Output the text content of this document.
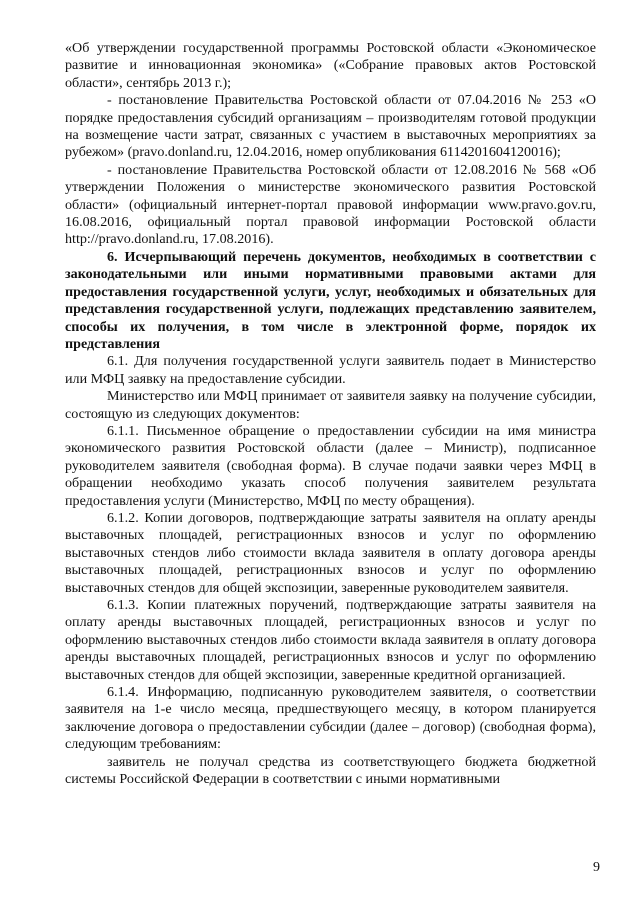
«Об утверждении государственной программы Ростовской области «Экономическое развитие и инновационная экономика» («Собрание правовых актов Ростовской области», сентябрь 2013 г.);

- постановление Правительства Ростовской области от 07.04.2016 № 253 «О порядке предоставления субсидий организациям – производителям готовой продукции на возмещение части затрат, связанных с участием в выставочных мероприятиях за рубежом» (pravo.donland.ru, 12.04.2016, номер опубликования 6114201604120016);

- постановление Правительства Ростовской области от 12.08.2016 № 568 «Об утверждении Положения о министерстве экономического развития Ростовской области» (официальный интернет-портал правовой информации www.pravo.gov.ru, 16.08.2016, официальный портал правовой информации Ростовской области http://pravo.donland.ru, 17.08.2016).

6. Исчерпывающий перечень документов, необходимых в соответствии с законодательными или иными нормативными правовыми актами для предоставления государственной услуги, услуг, необходимых и обязательных для представления государственной услуги, подлежащих представлению заявителем, способы их получения, в том числе в электронной форме, порядок их представления

6.1. Для получения государственной услуги заявитель подает в Министерство или МФЦ заявку на предоставление субсидии.

Министерство или МФЦ принимает от заявителя заявку на получение субсидии, состоящую из следующих документов:

6.1.1. Письменное обращение о предоставлении субсидии на имя министра экономического развития Ростовской области (далее – Министр), подписанное руководителем заявителя (свободная форма). В случае подачи заявки через МФЦ в обращении необходимо указать способ получения заявителем результата предоставления услуги (Министерство, МФЦ по месту обращения).

6.1.2. Копии договоров, подтверждающие затраты заявителя на оплату аренды выставочных площадей, регистрационных взносов и услуг по оформлению выставочных стендов либо стоимости вклада заявителя в оплату договора аренды выставочных площадей, регистрационных взносов и услуг по оформлению выставочных стендов для общей экспозиции, заверенные руководителем заявителя.

6.1.3. Копии платежных поручений, подтверждающие затраты заявителя на оплату аренды выставочных площадей, регистрационных взносов и услуг по оформлению выставочных стендов либо стоимости вклада заявителя в оплату договора аренды выставочных площадей, регистрационных взносов и услуг по оформлению выставочных стендов для общей экспозиции, заверенные кредитной организацией.

6.1.4. Информацию, подписанную руководителем заявителя, о соответствии заявителя на 1-е число месяца, предшествующего месяцу, в котором планируется заключение договора о предоставлении субсидии (далее – договор) (свободная форма), следующим требованиям:

заявитель не получал средства из соответствующего бюджета бюджетной системы Российской Федерации в соответствии с иными нормативными

9
